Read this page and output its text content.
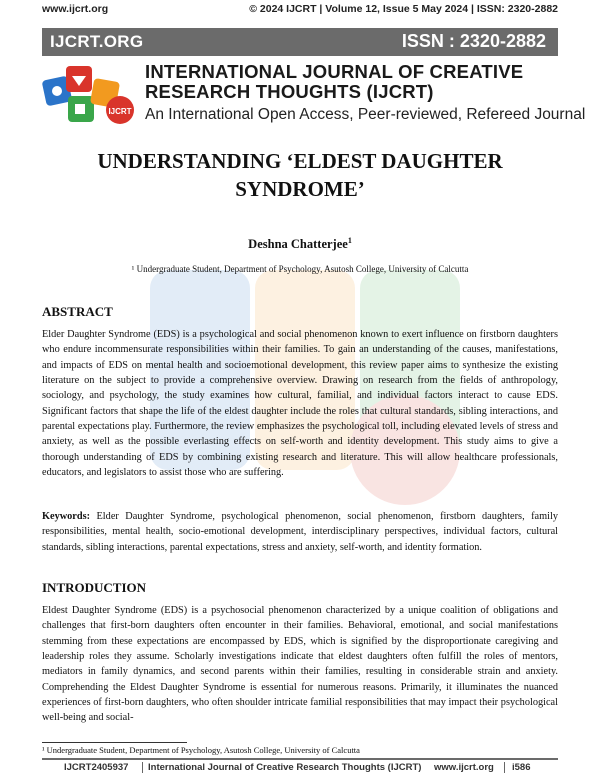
www.ijcrt.org	© 2024 IJCRT | Volume 12, Issue 5 May 2024 | ISSN: 2320-2882
IJCRT.ORG	ISSN : 2320-2882
IJCRT
INTERNATIONAL JOURNAL OF CREATIVE
RESEARCH THOUGHTS (IJCRT)
An International Open Access, Peer-reviewed, Refereed Journal
UNDERSTANDING ‘ELDEST DAUGHTER
SYNDROME’
Deshna Chatterjee$^1$
¹ Undergraduate Student, Department of Psychology, Asutosh College, University of Calcutta
ABSTRACT
Elder Daughter Syndrome (EDS) is a psychological and social phenomenon known to exert influence on firstborn daughters who endure incommensurate responsibilities within their families. To gain an understanding of the causes, manifestations, and impacts of EDS on mental health and socioemotional development, this review paper aims to synthesize the existing literature on the subject to provide a comprehensive overview. Drawing on research from the fields of anthropology, sociology, and psychology, the study examines how cultural, familial, and individual factors interact to cause EDS. Significant factors that shape the life of the eldest daughter include the roles that cultural standards, sibling interactions, and parental expectations play. Furthermore, the review emphasizes the psychological toll, including elevated levels of stress and anxiety, as well as the possible everlasting effects on self-worth and identity development. This study aims to give a thorough understanding of EDS by combining existing research and literature. This will allow healthcare professionals, educators, and legislators to assist those who are suffering.
Keywords: Elder Daughter Syndrome, psychological phenomenon, social phenomenon, firstborn daughters, family responsibilities, mental health, socio-emotional development, interdisciplinary perspectives, individual factors, cultural standards, sibling interactions, parental expectations, stress and anxiety, self-worth, and identity formation.
INTRODUCTION
Eldest Daughter Syndrome (EDS) is a psychosocial phenomenon characterized by a unique coalition of obligations and challenges that first-born daughters often encounter in their families. Behavioral, emotional, and social manifestations stemming from these expectations are encompassed by EDS, which is signified by the disproportionate caregiving and leadership roles they assume. Scholarly investigations indicate that eldest daughters often fulfill the roles of mentors, mediators in family dynamics, and second parents within their families, resulting in considerable strain and anxiety. Comprehending the Eldest Daughter Syndrome is essential for numerous reasons. Primarily, it illuminates the nuanced experiences of first-born daughters, who often shoulder intricate familial responsibilities that may impact their psychological well-being and social-
¹ Undergraduate Student, Department of Psychology, Asutosh College, University of Calcutta
IJCRT2405937 International Journal of Creative Research Thoughts (IJCRT) www.ijcrt.org i586
